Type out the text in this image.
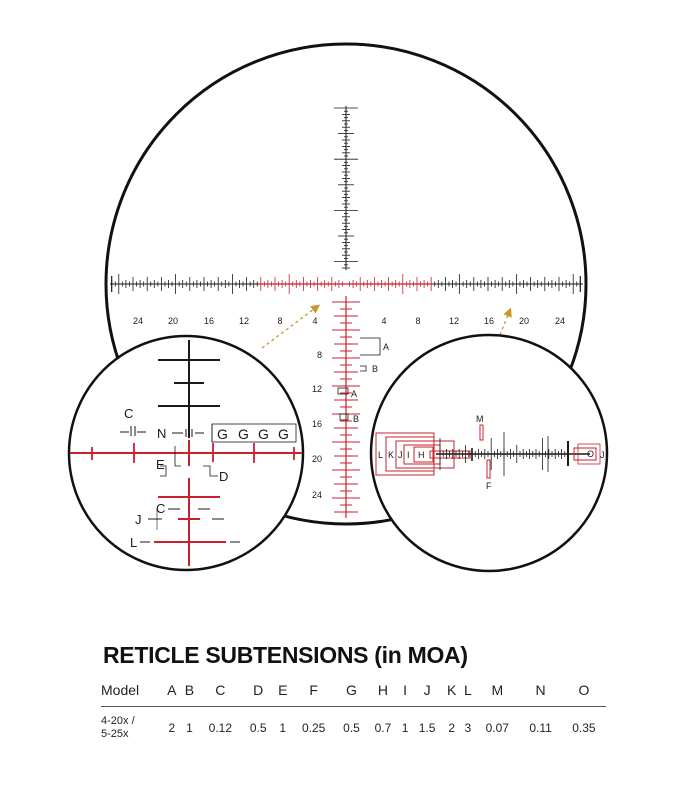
24	20	16	12	8	4	4	8	12	16	20	24
8
12
16
20
24
A
B
A
B
C
N	G G G G
E
D
C
J
L
M
F
L K J I H	O J
RETICLE SUBTENSIONS (in MOA)
Model	A	B	C	D	E	F	G	H	I	J	K	L	M	N	O
4-20x /
5-25x	2	1	0.12	0.5	1	0.25	0.5	0.7	1	1.5	2	3	0.07	0.11	0.35
